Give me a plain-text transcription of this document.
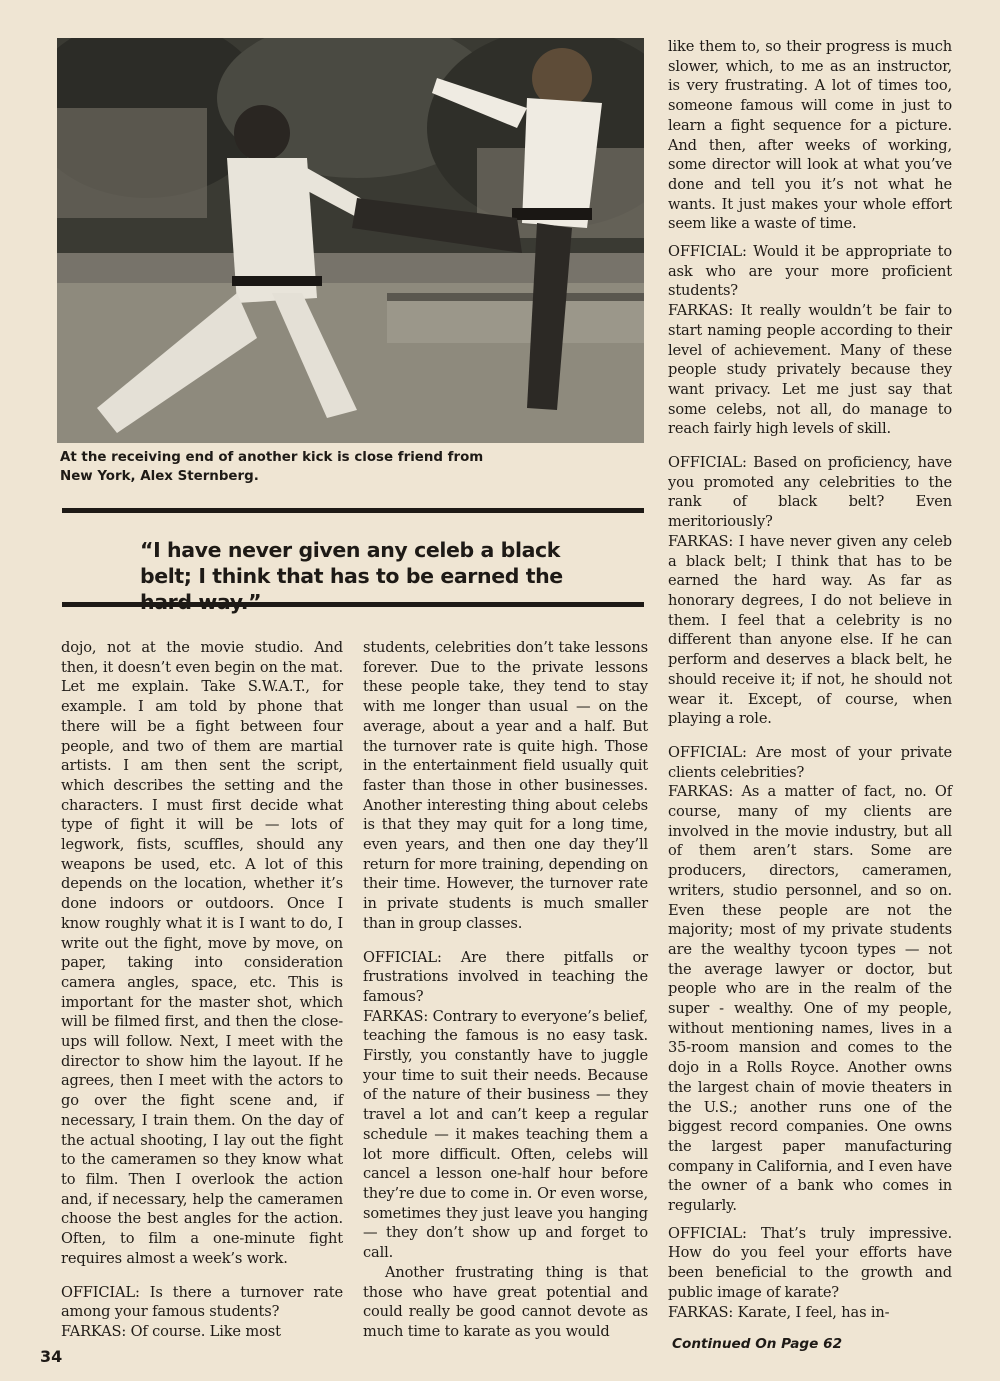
At the receiving end of another kick is close friend from New York, Alex Sternberg.
“I have never given any celeb a black belt; I think that has to be earned the

dojo, not at the movie studio. And then, it doesn’t even begin on the mat. Let me explain. Take S.W.A.T., for example. I am told by phone that there will be a fight between four people, and two of them are martial artists. I am then sent the script, which describes the setting and the characters. I must first decide what type of fight it will be — lots of legwork, fists, scuffles, should any weapons be used, etc. A lot of this depends on the location, whether it’s done indoors or outdoors. Once I know roughly what it is I want to do, I write out the fight, move by move, on paper, taking into consideration camera angles, space, etc. This is important for the master shot, which will be filmed first, and then the close-ups will follow. Next, I meet with the director to show him the layout. If he agrees, then I meet with the actors to go over the fight scene and, if necessary, I train them. On the day of the actual shooting, I lay out the fight to the cameramen so they know what to film. Then I overlook the action and, if necessary, help the cameramen choose the best angles for the action. Often, to film a one-minute fight requires almost a week’s work.

OFFICIAL: Is there a turnover rate among your famous students?

FARKAS: Of course. Like most

students, celebrities don’t take lessons forever. Due to the private lessons these people take, they tend to stay with me longer than usual — on the average, about a year and a half. But the turnover rate is quite high. Those in the entertainment field usually quit faster than those in other businesses. Another interesting thing about celebs is that they may quit for a long time, even years, and then one day they’ll return for more training, depending on their time. However, the turnover rate in private students is much smaller than in group classes.

OFFICIAL: Are there pitfalls or frustrations involved in teaching the famous?

FARKAS: Contrary to everyone’s belief, teaching the famous is no easy task. Firstly, you constantly have to juggle your time to suit their needs. Because of the nature of their business — they travel a lot and can’t keep a regular schedule — it makes teaching them a lot more difficult. Often, celebs will cancel a lesson one-half hour before they’re due to come in. Or even worse, sometimes they just leave you hanging — they don’t show up and forget to call.

Another frustrating thing is that those who have great potential and could really be good cannot devote as much time to karate as you would

like them to, so their progress is much slower, which, to me as an instructor, is very frustrating. A lot of times too, someone famous will come in just to learn a fight sequence for a picture. And then, after weeks of working, some director will look at what you’ve done and tell you it’s not what he wants. It just makes your whole effort seem like a waste of time.

OFFICIAL: Would it be appropriate to ask who are your more proficient students?

FARKAS: It really wouldn’t be fair to start naming people according to their level of achievement. Many of these people study privately because they want privacy. Let me just say that some celebs, not all, do manage to reach fairly high levels of skill.

OFFICIAL: Based on proficiency, have you promoted any celebrities to the rank of black belt? Even meritoriously?

FARKAS: I have never given any celeb a black belt; I think that has to be earned the hard way. As far as honorary degrees, I do not believe in them. I feel that a celebrity is no different than anyone else. If he can perform and deserves a black belt, he should receive it; if not, he should not wear it. Except, of course, when playing a role.

OFFICIAL: Are most of your private clients celebrities?

FARKAS: As a matter of fact, no. Of course, many of my clients are involved in the movie industry, but all of them aren’t stars. Some are producers, directors, cameramen, writers, studio personnel, and so on. Even these people are not the majority; most of my private students are the wealthy tycoon types — not the average lawyer or doctor, but people who are in the realm of the super - wealthy. One of my people, without mentioning names, lives in a 35-room mansion and comes to the dojo in a Rolls Royce. Another owns the largest chain of movie theaters in the U.S.; another runs one of the biggest record companies. One owns the largest paper manufacturing company in California, and I even have the owner of a bank who comes in regularly.

OFFICIAL: That’s truly impressive. How do you feel your efforts have been beneficial to the growth and public image of karate?

FARKAS: Karate, I feel, has in-

Continued On Page 62
34
